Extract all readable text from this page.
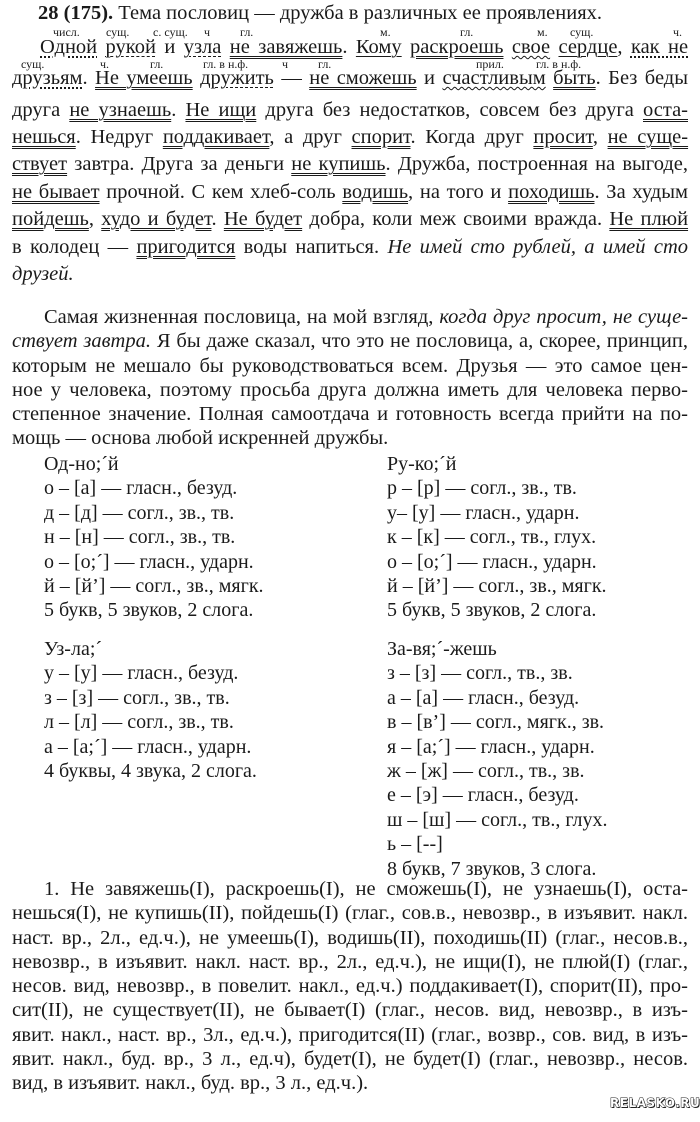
28 (175). Тема пословиц — дружба в различных ее проявлениях.
числ. сущ. с. сущ. ч гл.	м.	гл.	м. сущ.	ч.
Одной рукой и узла не завяжешь. Кому раскроешь свое сердце, как не
сущ.	ч.	гл.	гл. в н.ф.	ч гл.	прил.	гл. в н.ф.
друзьям. Не умеешь дружить — не сможешь и счастливым быть. Без беды
друга не узнаешь. Не ищи друга без недостатков, совсем без друга оста-
нешься. Недруг поддакивает, а друг спорит. Когда друг просит, не суще-
ствует завтра. Друга за деньги не купишь. Дружба, построенная на выгоде,
не бывает прочной. С кем хлеб-соль водишь, на того и походишь. За худым
пойдешь, худо и будет. Не будет добра, коли меж своими вражда. Не плюй
в колодец — пригодится воды напиться. Не имей сто рублей, а имей сто
друзей.
Самая жизненная пословица, на мой взгляд, когда друг просит, не суще-
ствует завтра. Я бы даже сказал, что это не пословица, а, скорее, принцип,
которым не мешало бы руководствоваться всем. Друзья — это самое цен-
ное у человека, поэтому просьба друга должна иметь для человека перво-
степенное значение. Полная самоотдача и готовность всегда прийти на по-
мощь — основа любой искренней дружбы.
Од-но;´й
о – [а] — гласн., безуд.
д – [д] — согл., зв., тв.
н – [н] — согл., зв., тв.
о – [о;´] — гласн., ударн.
й – [й’] — согл., зв., мягк.
5 букв, 5 звуков, 2 слога.
Ру-ко;´й
р – [р] — согл., зв., тв.
у– [у] — гласн., ударн.
к – [к] — согл., тв., глух.
о – [о;´] — гласн., ударн.
й – [й’] — согл., зв., мягк.
5 букв, 5 звуков, 2 слога.
Уз-ла;´
у – [у] — гласн., безуд.
з – [з] — согл., зв., тв.
л – [л] — согл., зв., тв.
а – [а;´] — гласн., ударн.
4 буквы, 4 звука, 2 слога.
За-вя;´-жешь
з – [з] — согл., тв., зв.
а – [а] — гласн., безуд.
в – [в’] — согл., мягк., зв.
я – [а;´] — гласн., ударн.
ж – [ж] — согл., тв., зв.
е – [э] — гласн., безуд.
ш – [ш] — согл., тв., глух.
ь – [--]
8 букв, 7 звуков, 3 слога.
1. Не завяжешь(I), раскроешь(I), не сможешь(I), не узнаешь(I), оста-
нешься(I), не купишь(II), пойдешь(I) (глаг., сов.в., невозвр., в изъявит. накл.
наст. вр., 2л., ед.ч.), не умеешь(I), водишь(II), походишь(II) (глаг., несов.в.,
невозвр., в изъявит. накл. наст. вр., 2л., ед.ч.), не ищи(I), не плюй(I) (глаг.,
несов. вид, невозвр., в повелит. накл., ед.ч.) поддакивает(I), спорит(II), про-
сит(II), не существует(II), не бывает(I) (глаг., несов. вид, невозвр., в изъ-
явит. накл., наст. вр., 3л., ед.ч.), пригодится(II) (глаг., возвр., сов. вид, в изъ-
явит. накл., буд. вр., 3 л., ед.ч), будет(I), не будет(I) (глаг., невозвр., несов.
вид, в изъявит. накл., буд. вр., 3 л., ед.ч.).
RELASKO.RU
